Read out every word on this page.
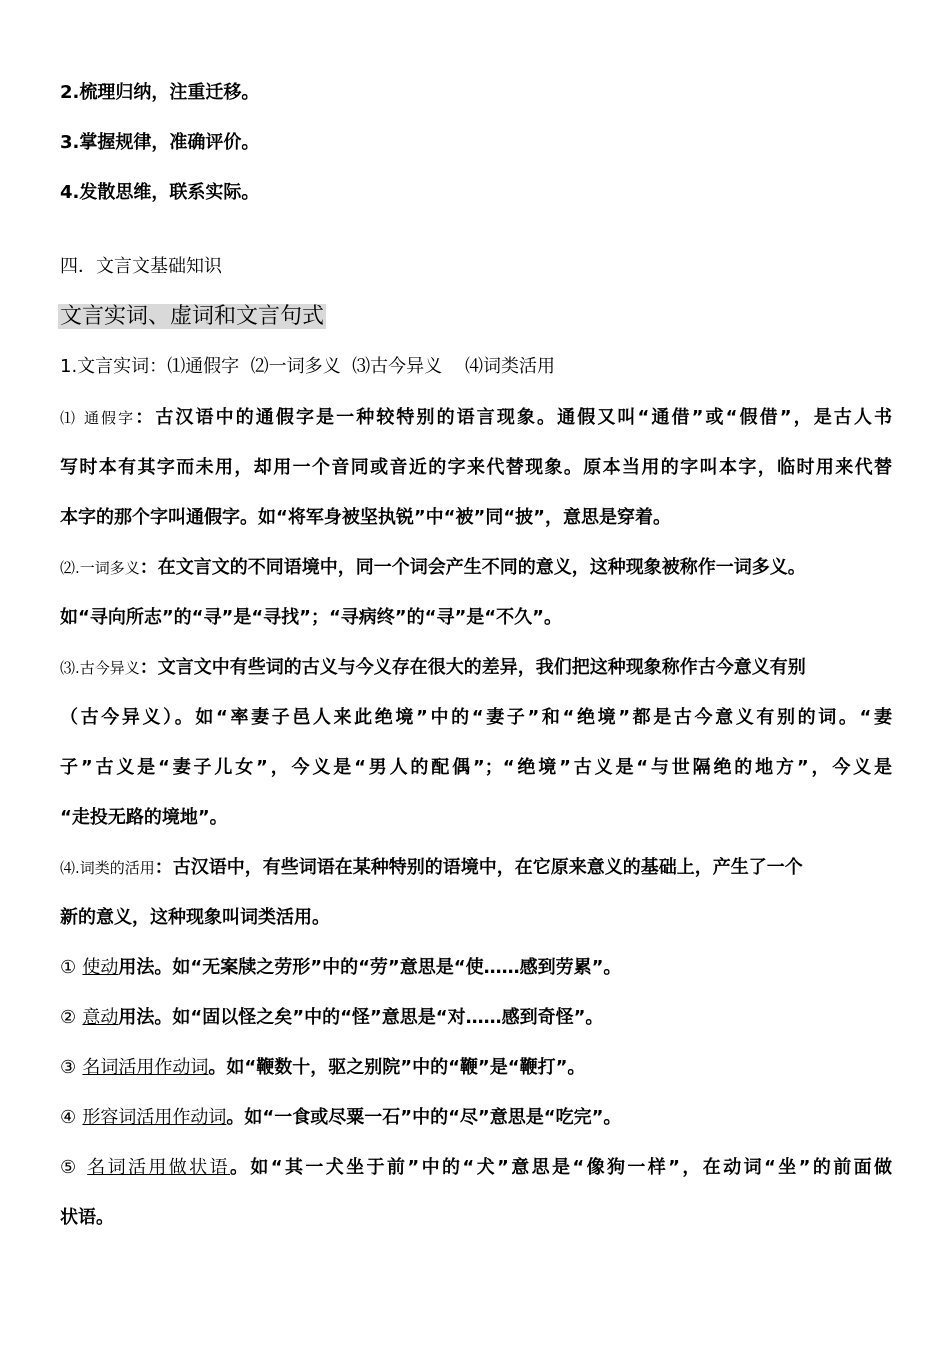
2.梳理归纳，注重迁移。
3.掌握规律，准确评价。
4.发散思维，联系实际。
四．文言文基础知识
文言实词、虚词和文言句式
1.文言实词：⑴通假字 ⑵一词多义 ⑶古今异义 ⑷词类活用
⑴ 通假字：古汉语中的通假字是一种较特别的语言现象。通假又叫“通借”或“假借”，是古人书
写时本有其字而未用，却用一个音同或音近的字来代替现象。原本当用的字叫本字，临时用来代替
本字的那个字叫通假字。如“将军身被坚执锐”中“被”同“披”，意思是穿着。
⑵.一词多义：在文言文的不同语境中，同一个词会产生不同的意义，这种现象被称作一词多义。
如“寻向所志”的“寻”是“寻找”；“寻病终”的“寻”是“不久”。
⑶.古今异义：文言文中有些词的古义与今义存在很大的差异，我们把这种现象称作古今意义有别
（古今异义）。如“率妻子邑人来此绝境”中的“妻子”和“绝境”都是古今意义有别的词。“妻
子”古义是“妻子儿女”，今义是“男人的配偶”；“绝境”古义是“与世隔绝的地方”，今义是
“走投无路的境地”。
⑷.词类的活用：古汉语中，有些词语在某种特别的语境中，在它原来意义的基础上，产生了一个
新的意义，这种现象叫词类活用。
① 使动用法。如“无案牍之劳形”中的“劳”意思是“使……感到劳累”。
② 意动用法。如“固以怪之矣”中的“怪”意思是“对……感到奇怪”。
③ 名词活用作动词。如“鞭数十，驱之别院”中的“鞭”是“鞭打”。
④ 形容词活用作动词。如“一食或尽粟一石”中的“尽”意思是“吃完”。
⑤ 名词活用做状语。如“其一犬坐于前”中的“犬”意思是“像狗一样”，在动词“坐”的前面做
状语。
